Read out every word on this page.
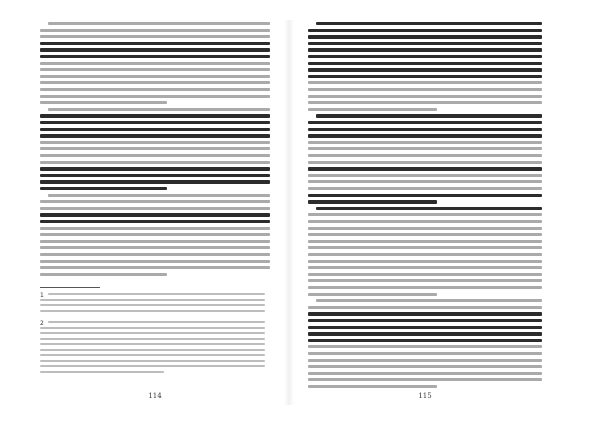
1
2
114	115
